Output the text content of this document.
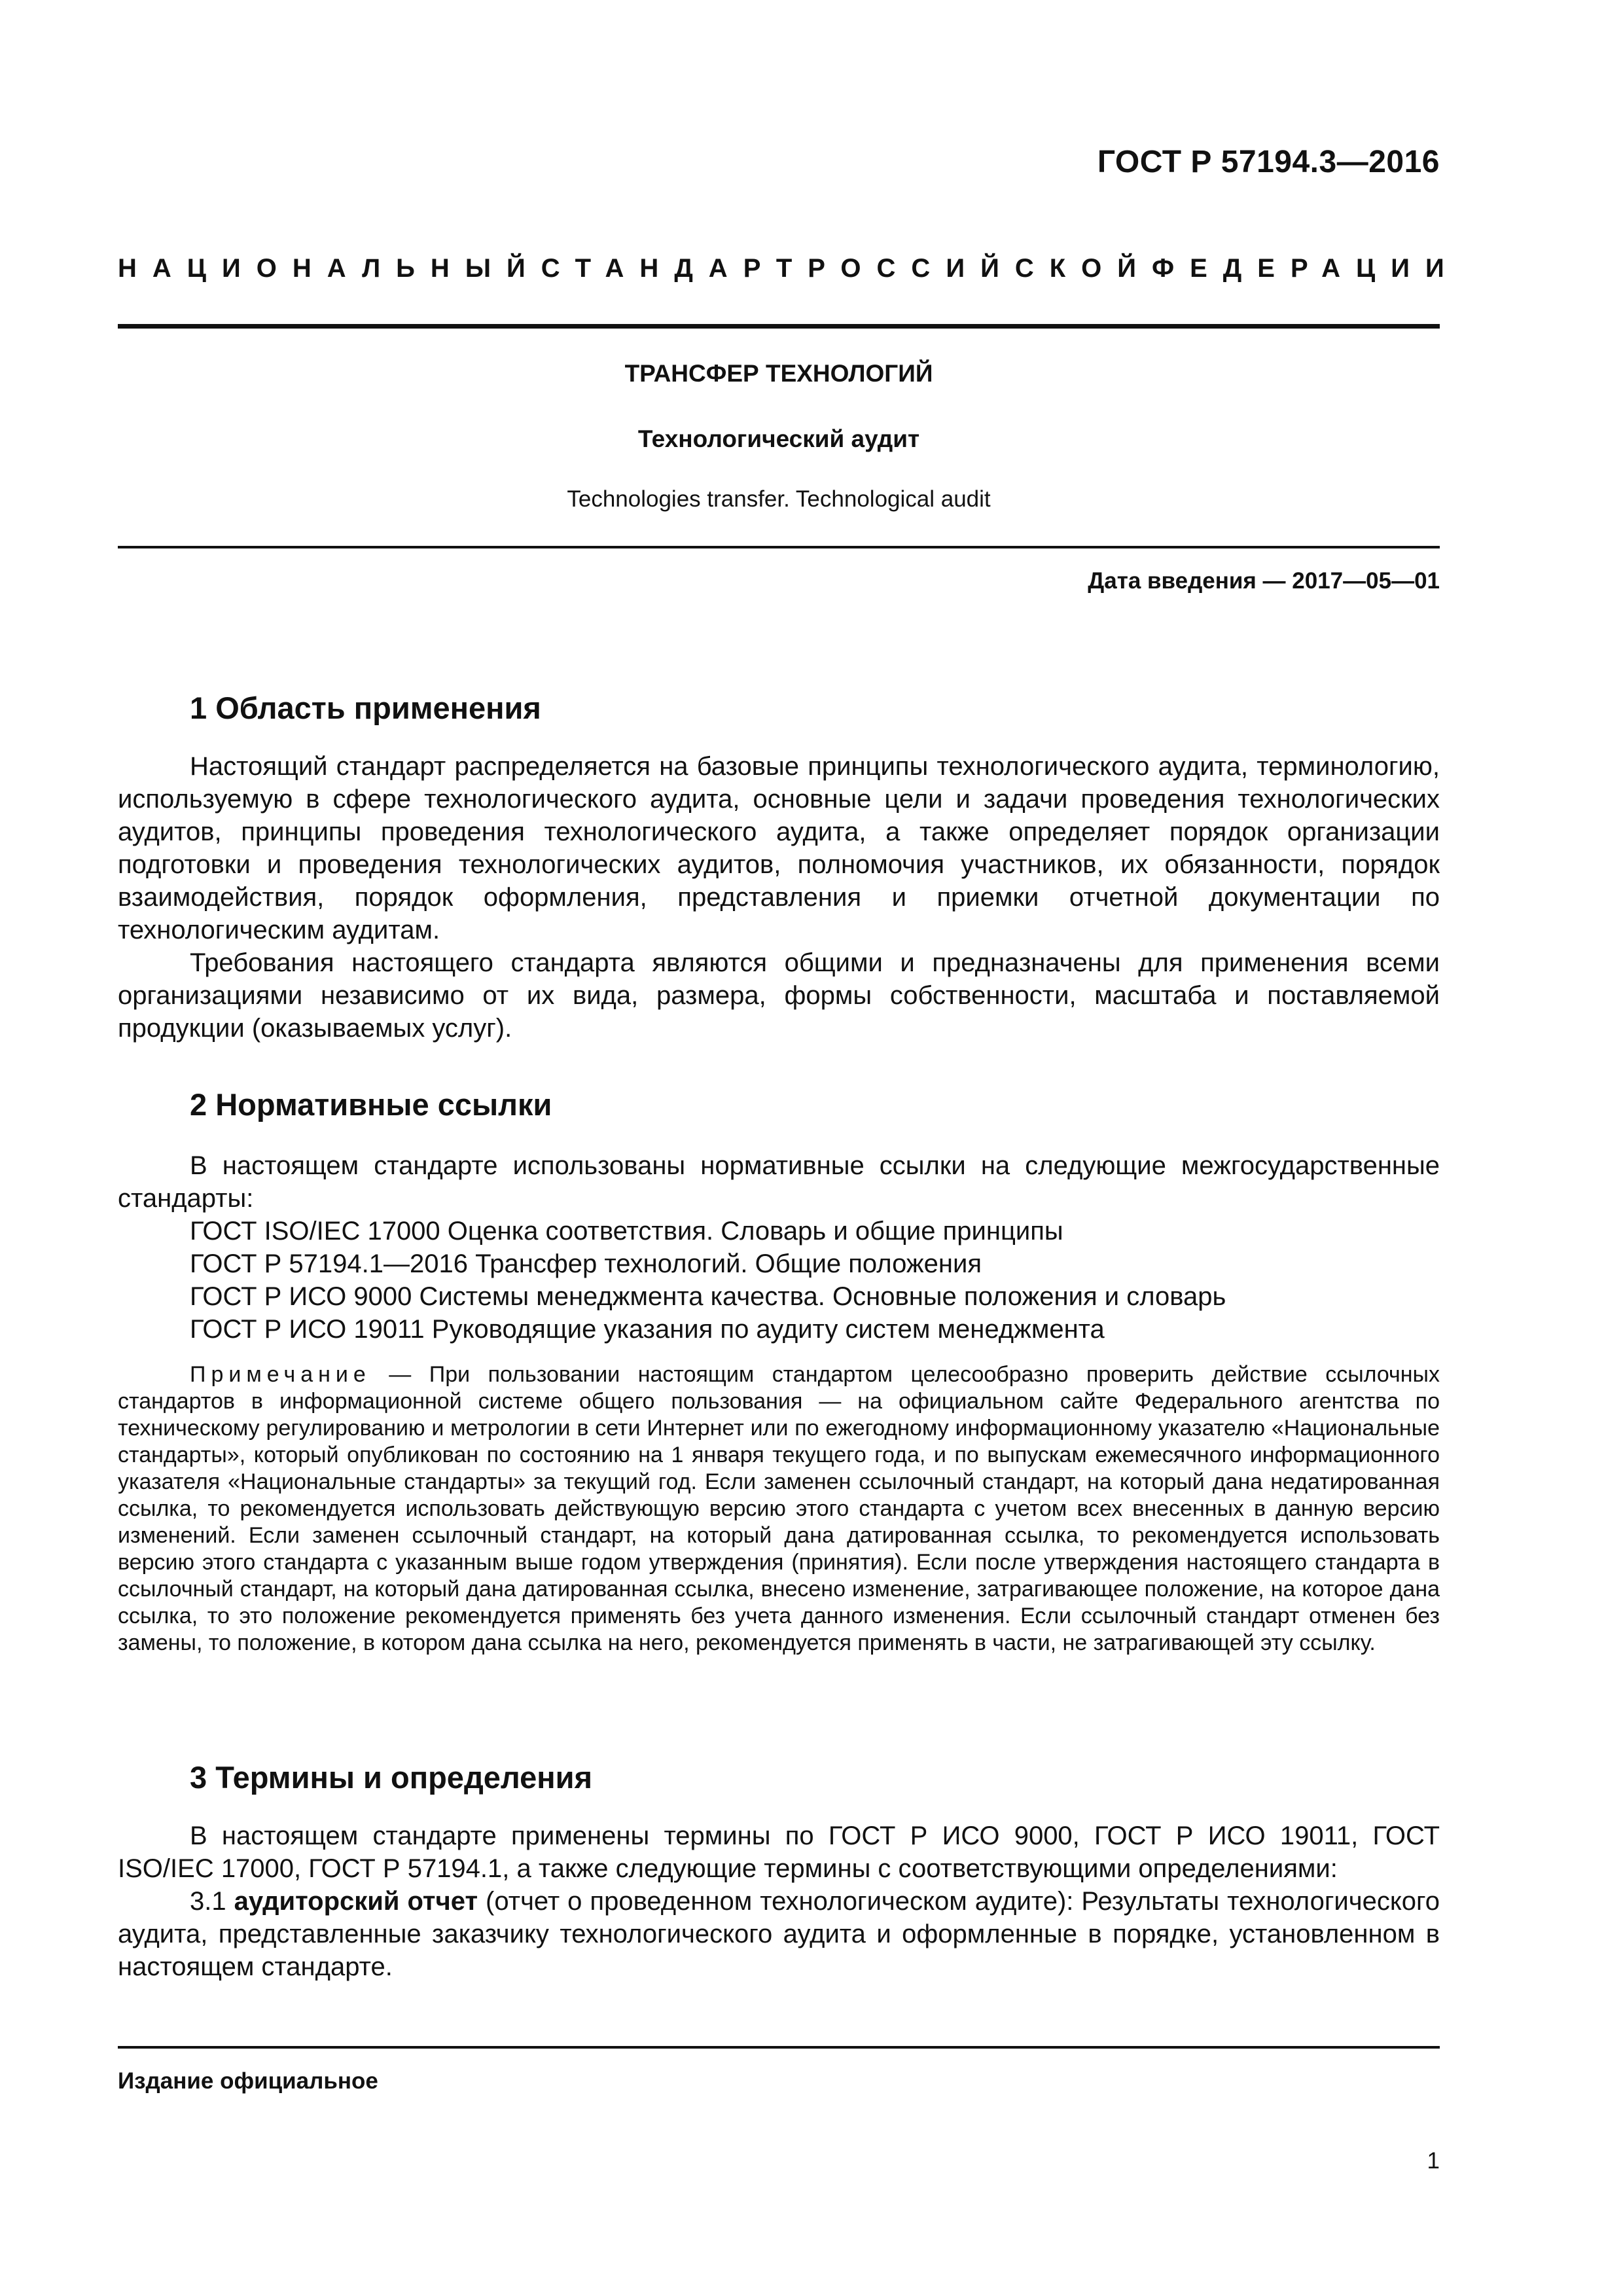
ГОСТ Р 57194.3—2016
НАЦИОНАЛЬНЫЙ СТАНДАРТ РОССИЙСКОЙ ФЕДЕРАЦИИ
ТРАНСФЕР ТЕХНОЛОГИЙ
Технологический аудит
Technologies transfer. Technological audit
Дата введения — 2017—05—01
1 Область применения

Настоящий стандарт распределяется на базовые принципы технологического аудита, терминологию, используемую в сфере технологического аудита, основные цели и задачи проведения технологических аудитов, принципы проведения технологического аудита, а также определяет порядок организации подготовки и проведения технологических аудитов, полномочия участников, их обязанности, порядок взаимодействия, порядок оформления, представления и приемки отчетной документации по технологическим аудитам.

Требования настоящего стандарта являются общими и предназначены для применения всеми организациями независимо от их вида, размера, формы собственности, масштаба и поставляемой продукции (оказываемых услуг).

2 Нормативные ссылки

В настоящем стандарте использованы нормативные ссылки на следующие межгосударственные стандарты:

ГОСТ ISO/IEC 17000 Оценка соответствия. Словарь и общие принципы

ГОСТ Р 57194.1—2016 Трансфер технологий. Общие положения

ГОСТ Р ИСО 9000 Системы менеджмента качества. Основные положения и словарь

ГОСТ Р ИСО 19011 Руководящие указания по аудиту систем менеджмента

Примечание — При пользовании настоящим стандартом целесообразно проверить действие ссылочных стандартов в информационной системе общего пользования — на официальном сайте Федерального агентства по техническому регулированию и метрологии в сети Интернет или по ежегодному информационному указателю «Национальные стандарты», который опубликован по состоянию на 1 января текущего года, и по выпускам ежемесячного информационного указателя «Национальные стандарты» за текущий год. Если заменен ссылочный стандарт, на который дана недатированная ссылка, то рекомендуется использовать действующую версию этого стандарта с учетом всех внесенных в данную версию изменений. Если заменен ссылочный стандарт, на который дана датированная ссылка, то рекомендуется использовать версию этого стандарта с указанным выше годом утверждения (принятия). Если после утверждения настоящего стандарта в ссылочный стандарт, на который дана датированная ссылка, внесено изменение, затрагивающее положение, на которое дана ссылка, то это положение рекомендуется применять без учета данного изменения. Если ссылочный стандарт отменен без замены, то положение, в котором дана ссылка на него, рекомендуется применять в части, не затрагивающей эту ссылку.
3 Термины и определения

В настоящем стандарте применены термины по ГОСТ Р ИСО 9000, ГОСТ Р ИСО 19011, ГОСТ ISO/IEC 17000, ГОСТ Р 57194.1, а также следующие термины с соответствующими определениями:

3.1 аудиторский отчет (отчет о проведенном технологическом аудите): Результаты технологического аудита, представленные заказчику технологического аудита и оформленные в порядке, установленном в настоящем стандарте.

Издание официальное
1
